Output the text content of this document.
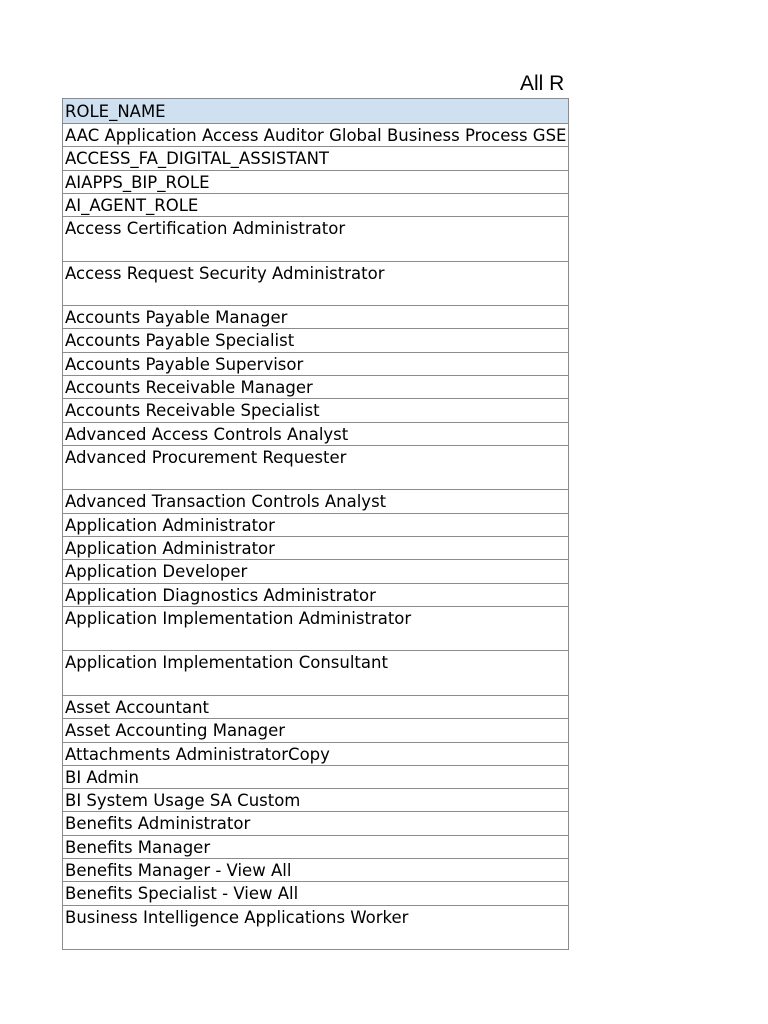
All R
ROLE_NAME
AAC Application Access Auditor Global Business Process GSE
ACCESS_FA_DIGITAL_ASSISTANT
AIAPPS_BIP_ROLE
AI_AGENT_ROLE
Access Certification Administrator
Access Request Security Administrator
Accounts Payable Manager
Accounts Payable Specialist
Accounts Payable Supervisor
Accounts Receivable Manager
Accounts Receivable Specialist
Advanced Access Controls Analyst
Advanced Procurement Requester
Advanced Transaction Controls Analyst
Application Administrator
Application Administrator
Application Developer
Application Diagnostics Administrator
Application Implementation Administrator
Application Implementation Consultant
Asset Accountant
Asset Accounting Manager
Attachments AdministratorCopy
BI Admin
BI System Usage SA Custom
Benefits Administrator
Benefits Manager
Benefits Manager - View All
Benefits Specialist - View All
Business Intelligence Applications Worker
